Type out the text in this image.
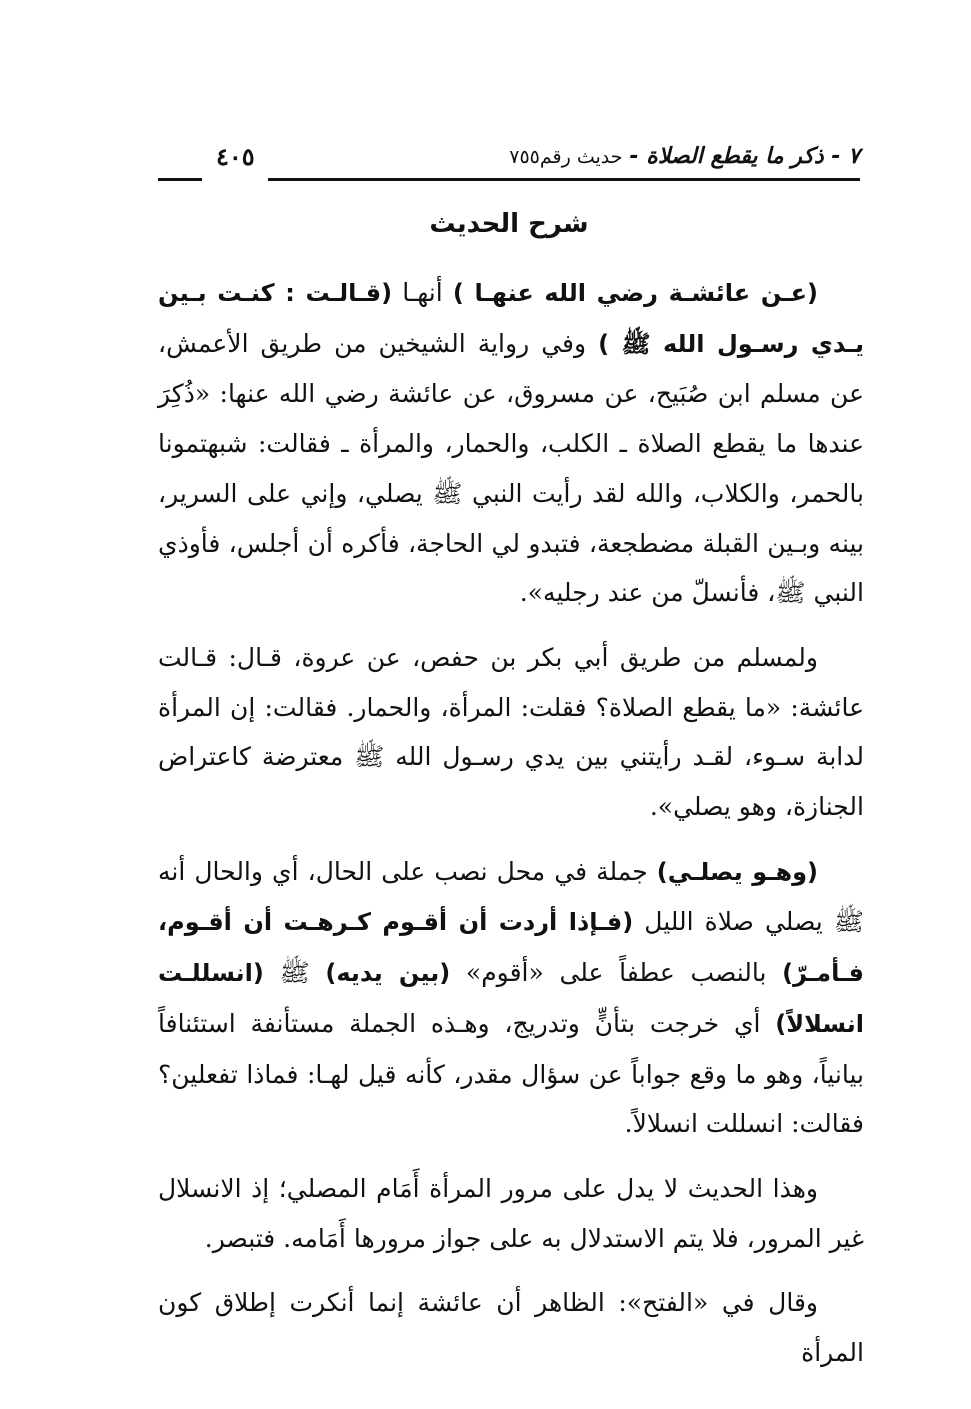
٧ - ذكر ما يقطع الصلاة - حديث رقم٧٥٥
٤٠٥
شرح الحديث

(عـن عائشـة رضي الله عنهـا ) أنهـا (قـالـت : كنـت بـين يـدي رسـول الله ﷺ ) وفي رواية الشيخين من طريق الأعمش، عن مسلم ابن صُبَيح، عن مسروق، عن عائشة رضي الله عنها: «ذُكِرَ عندها ما يقطع الصلاة ـ الكلب، والحمار، والمرأة ـ فقالت: شبهتمونا بالحمر، والكلاب، والله لقد رأيت النبي ﷺ يصلي، وإني على السرير، بينه وبـين القبلة مضطجعة، فتبدو لي الحاجة، فأكره أن أجلس، فأوذي النبي ﷺ، فأنسلّ من عند رجليه».

ولمسلم من طريق أبي بكر بن حفص، عن عروة، قـال: قـالت عائشة: «ما يقطع الصلاة؟ فقلت: المرأة، والحمار. فقالت: إن المرأة لدابة سـوء، لقـد رأيتني بين يدي رسـول الله ﷺ معترضة كاعتراض الجنازة، وهو يصلي».

(وهـو يصلـي) جملة في محل نصب على الحال، أي والحال أنه ﷺ يصلي صلاة الليل (فـإذا أردت أن أقـوم كـرهـت أن أقـوم، فـأمـرّ) بالنصب عطفاً على «أقوم» (بين يديه) ﷺ (انسللـت انسلالاً) أي خرجت بتأنٍّ وتدريج، وهـذه الجملة مستأنفة استئنافاً بيانياً، وهو ما وقع جواباً عن سؤال مقدر، كأنه قيل لهـا: فماذا تفعلين؟ فقالت: انسللت انسلالاً.

وهذا الحديث لا يدل على مرور المرأة أَمَام المصلي؛ إذ الانسلال غير المرور، فلا يتم الاستدلال به على جواز مرورها أَمَامه. فتبصر.

وقال في «الفتح»: الظاهر أن عائشة إنما أنكرت إطلاق كون المرأة
